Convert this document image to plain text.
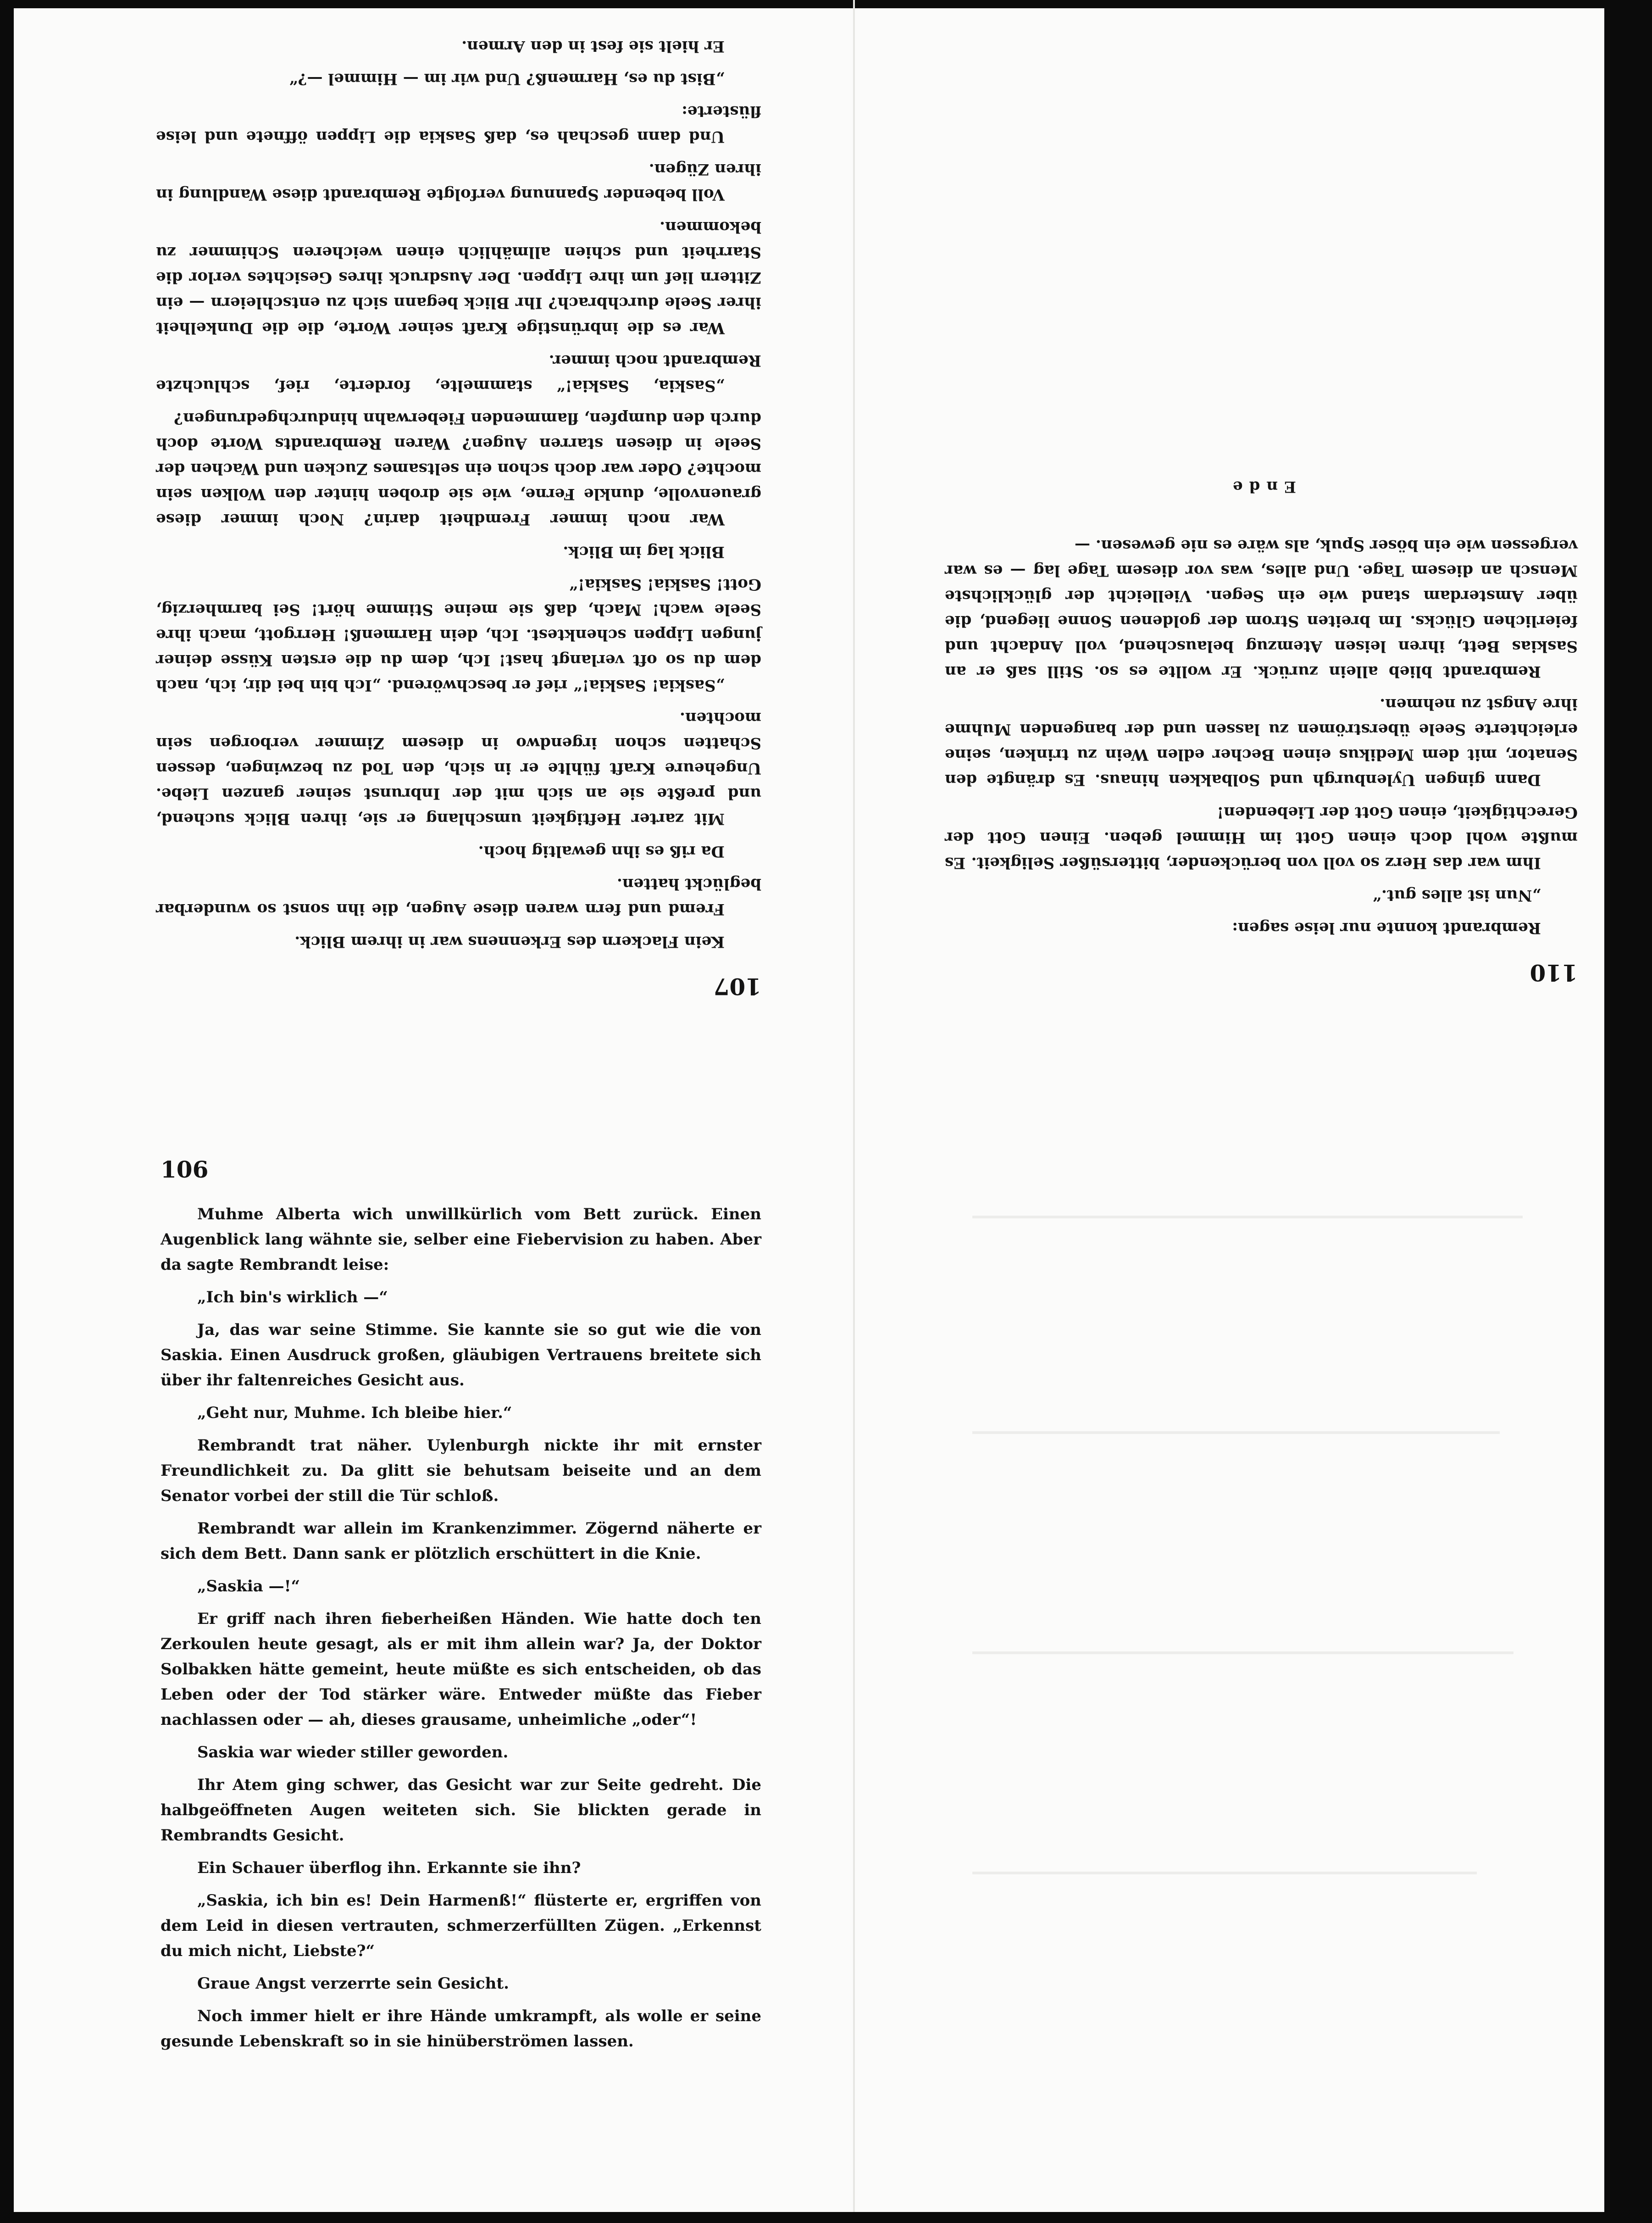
106

Muhme Alberta wich unwillkürlich vom Bett zurück. Einen Augenblick lang wähnte sie, selber eine Fiebervision zu haben. Aber da sagte Rembrandt leise:

„Ich bin's wirklich —“

Ja, das war seine Stimme. Sie kannte sie so gut wie die von Saskia. Einen Ausdruck großen, gläubigen Vertrauens breitete sich über ihr faltenreiches Gesicht aus.

„Geht nur, Muhme. Ich bleibe hier.“

Rembrandt trat näher. Uylenburgh nickte ihr mit ernster Freundlichkeit zu. Da glitt sie behutsam beiseite und an dem Senator vorbei der still die Tür schloß.

Rembrandt war allein im Krankenzimmer. Zögernd näherte er sich dem Bett. Dann sank er plötzlich erschüttert in die Knie.

„Saskia —!“

Er griff nach ihren fieberheißen Händen. Wie hatte doch ten Zerkoulen heute gesagt, als er mit ihm allein war? Ja, der Doktor Solbakken hätte gemeint, heute müßte es sich entscheiden, ob das Leben oder der Tod stärker wäre. Entweder müßte das Fieber nachlassen oder — ah, dieses grausame, unheimliche „oder“!

Saskia war wieder stiller geworden.

Ihr Atem ging schwer, das Gesicht war zur Seite gedreht. Die halbgeöffneten Augen weiteten sich. Sie blickten gerade in Rembrandts Gesicht.

Ein Schauer überflog ihn. Erkannte sie ihn?

„Saskia, ich bin es! Dein Harmenß!“ flüsterte er, ergriffen von dem Leid in diesen vertrauten, schmerzerfüllten Zügen. „Erkennst du mich nicht, Liebste?“

Graue Angst verzerrte sein Gesicht.

Noch immer hielt er ihre Hände umkrampft, als wolle er seine gesunde Lebenskraft so in sie hinüberströmen lassen.

107

Kein Flackern des Erkennens war in ihrem Blick.

Fremd und fern waren diese Augen, die ihn sonst so wunderbar beglückt hatten.

Da riß es ihn gewaltig hoch.

Mit zarter Heftigkeit umschlang er sie, ihren Blick suchend, und preßte sie an sich mit der Inbrunst seiner ganzen Liebe. Ungeheure Kraft fühlte er in sich, den Tod zu bezwingen, dessen Schatten schon irgendwo in diesem Zimmer verborgen sein mochten.

„Saskia! Saskia!“ rief er beschwörend. „Ich bin bei dir, ich, nach dem du so oft verlangt hast! Ich, dem du die ersten Küsse deiner jungen Lippen schenktest. Ich, dein Harmenß! Herrgott, mach ihre Seele wach! Mach, daß sie meine Stimme hört! Sei barmherzig, Gott! Saskia! Saskia!“

Blick lag im Blick.

War noch immer Fremdheit darin? Noch immer diese grauenvolle, dunkle Ferne, wie sie droben hinter den Wolken sein mochte? Oder war doch schon ein seltsames Zucken und Wachen der Seele in diesen starren Augen? Waren Rembrandts Worte doch durch den dumpfen, flammenden Fieberwahn hindurchgedrungen?

„Saskia, Saskia!“ stammelte, forderte, rief, schluchzte Rembrandt noch immer.

War es die inbrünstige Kraft seiner Worte, die die Dunkelheit ihrer Seele durchbrach? Ihr Blick begann sich zu entschleiern — ein Zittern lief um ihre Lippen. Der Ausdruck ihres Gesichtes verlor die Starrheit und schien allmählich einen weicheren Schimmer zu bekommen.

Voll bebender Spannung verfolgte Rembrandt diese Wandlung in ihren Zügen.

Und dann geschah es, daß Saskia die Lippen öffnete und leise flüsterte:

„Bist du es, Harmenß? Und wir im — Himmel —?“

Er hielt sie fest in den Armen.

110

Rembrandt konnte nur leise sagen:

„Nun ist alles gut.“

Ihm war das Herz so voll von berückender, bittersüßer Seligkeit. Es mußte wohl doch einen Gott im Himmel geben. Einen Gott der Gerechtigkeit, einen Gott der Liebenden!

Dann gingen Uylenburgh und Solbakken hinaus. Es drängte den Senator, mit dem Medikus einen Becher edlen Wein zu trinken, seine erleichterte Seele überströmen zu lassen und der bangenden Muhme ihre Angst zu nehmen.

Rembrandt blieb allein zurück. Er wollte es so. Still saß er an Saskias Bett, ihren leisen Atemzug belauschend, voll Andacht und feierlichen Glücks. Im breiten Strom der goldenen Sonne liegend, die über Amsterdam stand wie ein Segen. Vielleicht der glücklichste Mensch an diesem Tage. Und alles, was vor diesem Tage lag — es war vergessen wie ein böser Spuk, als wäre es nie gewesen. —

Ende
